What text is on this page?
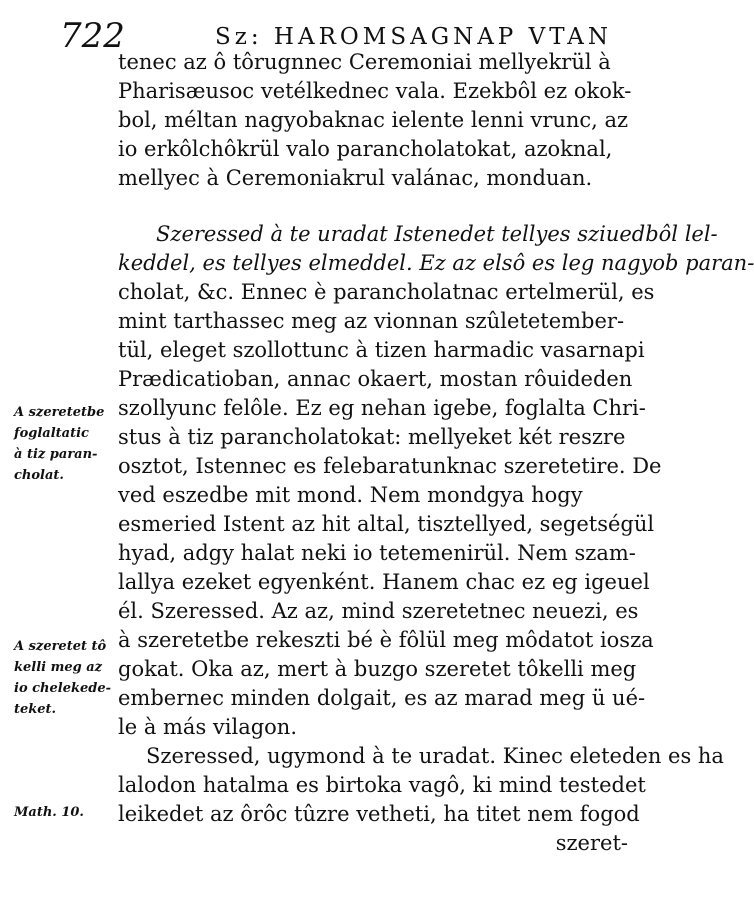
722	Sz: HAROMSAGNAP VTAN
tenec az ô tôrugnnec Ceremoniai mellyekrül à
Pharisæusoc vetélkednec vala. Ezekbôl ez okok-
bol, méltan nagyobaknac ielente lenni vrunc, az
io erkôlchôkrül valo parancholatokat, azoknal,
mellyec à Ceremoniakrul valánac, monduan.
Szeressed à te uradat Istenedet tellyes sziuedbôl lel-
keddel, es tellyes elmeddel. Ez az elsô es leg nagyob paran-
cholat, &c. Ennec è parancholatnac ertelmerül, es
mint tarthassec meg az vionnan szûletetember-
tül, eleget szollottunc à tizen harmadic vasarnapi
Prædicatioban, annac okaert, mostan rôuideden
szollyunc felôle. Ez eg nehan igebe, foglalta Chri-
stus à tiz parancholatokat: mellyeket két reszre
osztot, Istennec es felebaratunknac szeretetire. De
ved eszedbe mit mond. Nem mondgya hogy
esmeried Istent az hit altal, tisztellyed, segetségül
hyad, adgy halat neki io tetemenirül. Nem szam-
lallya ezeket egyenként. Hanem chac ez eg igeuel
él. Szeressed. Az az, mind szeretetnec neuezi, es
à szeretetbe rekeszti bé è fôlül meg môdatot iosza
gokat. Oka az, mert à buzgo szeretet tôkelli meg
embernec minden dolgait, es az marad meg ü ué-
le à más vilagon.
Szeressed, ugymond à te uradat. Kinec eleteden es ha
lalodon hatalma es birtoka vagô, ki mind testedet
leikedet az ôrôc tûzre vetheti, ha titet nem fogod
szeret-
A szeretetbe
foglaltatic
à tiz paran-
cholat.
A szeretet tô
kelli meg az
io chelekede-
teket.
Math. 10.
